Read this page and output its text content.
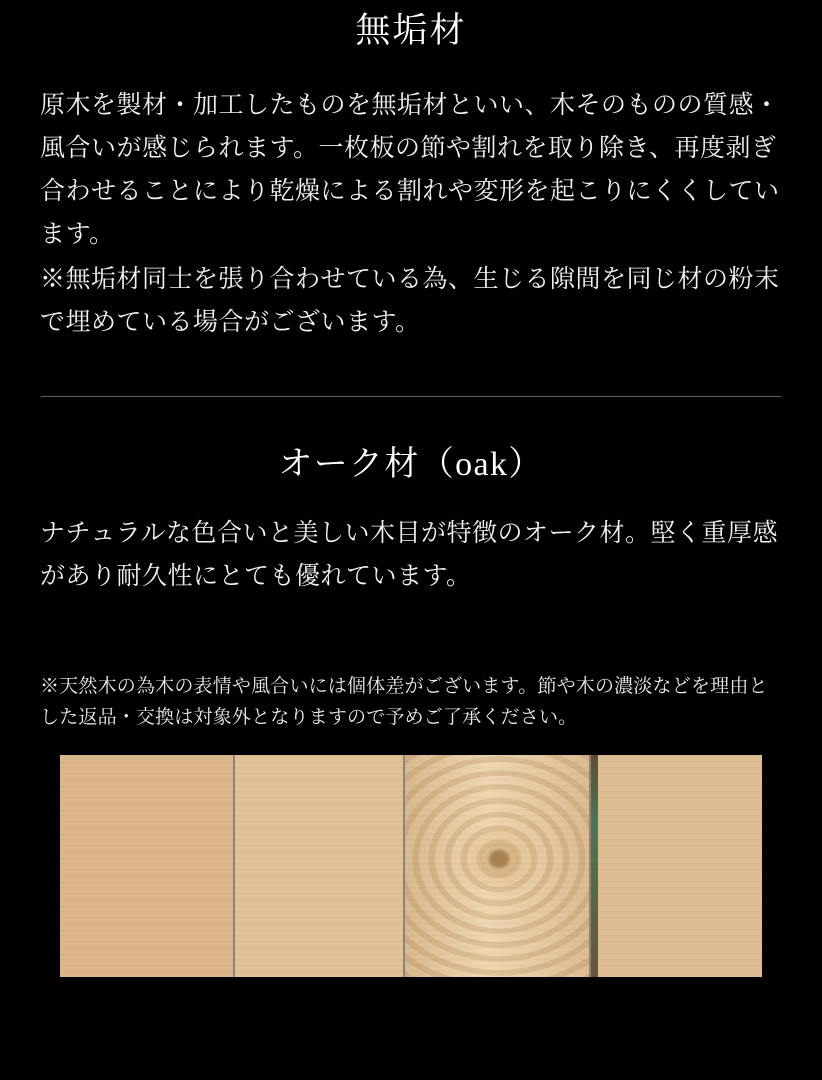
無垢材

原木を製材・加工したものを無垢材といい、木そのものの質感・風合いが感じられます。一枚板の節や割れを取り除き、再度剥ぎ合わせることにより乾燥による割れや変形を起こりにくくしています。

※無垢材同士を張り合わせている為、生じる隙間を同じ材の粉末で埋めている場合がございます。

オーク材（oak）

ナチュラルな色合いと美しい木目が特徴のオーク材。堅く重厚感があり耐久性にとても優れています。

※天然木の為木の表情や風合いには個体差がございます。節や木の濃淡などを理由とした返品・交換は対象外となりますので予めご了承ください。
